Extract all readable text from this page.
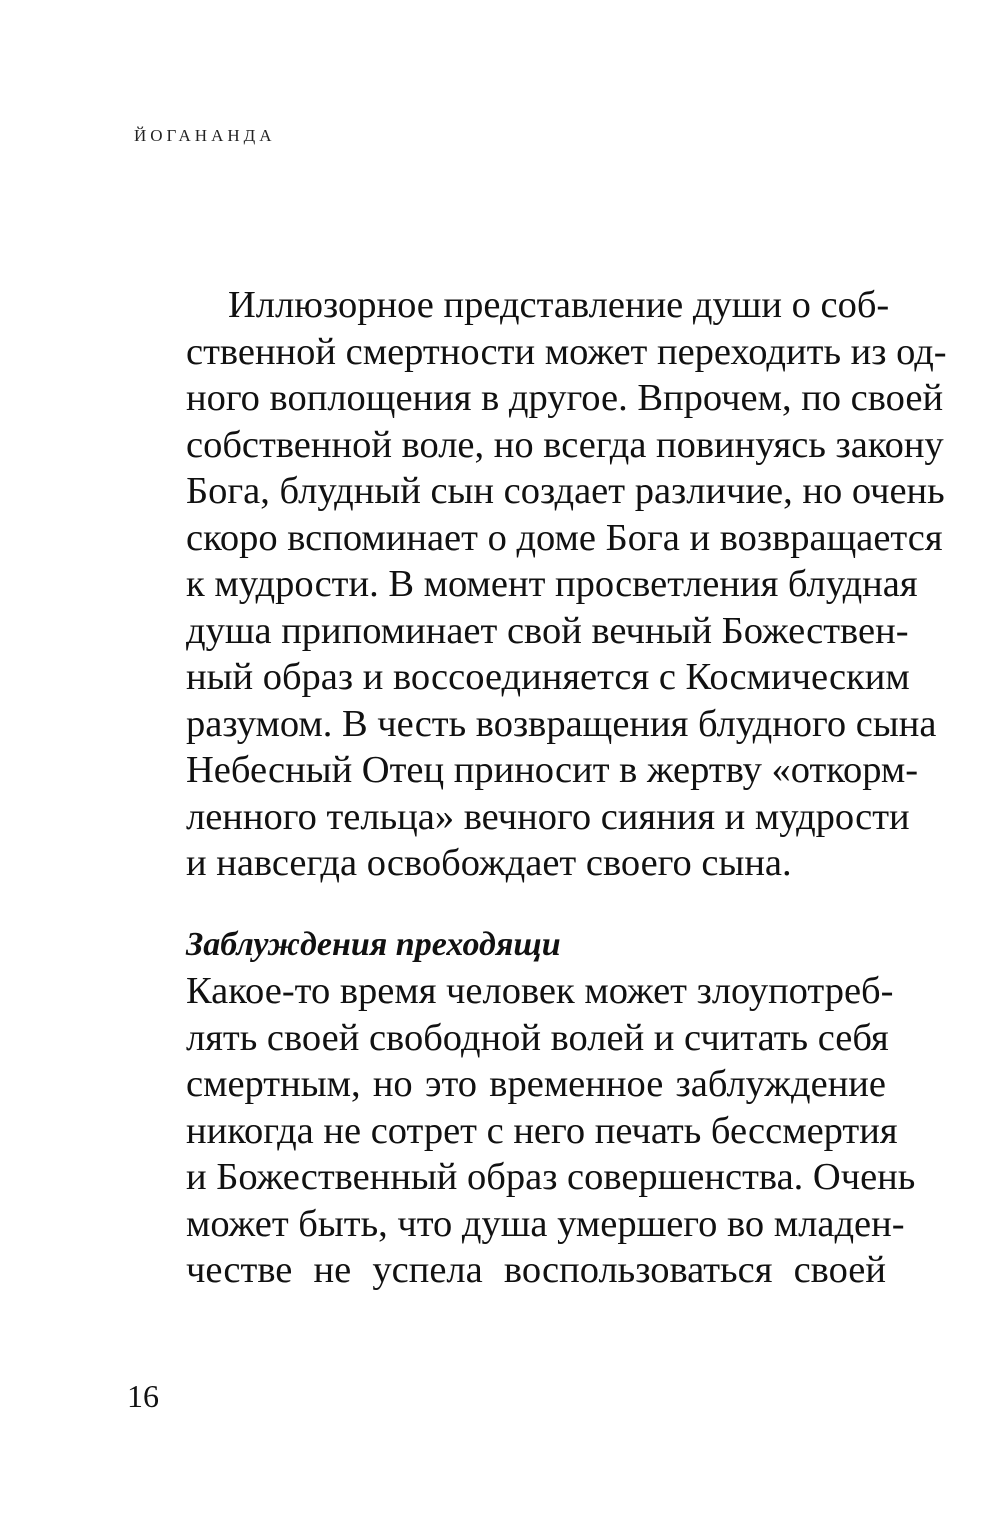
ЙОГАНАНДА
Иллюзорное представление души о соб-
ственной смертности может переходить из од-
ного воплощения в другое. Впрочем, по своей
собственной воле, но всегда повинуясь закону
Бога, блудный сын создает различие, но очень
скоро вспоминает о доме Бога и возвращается
к мудрости. В момент просветления блудная
душа припоминает свой вечный Божествен-
ный образ и воссоединяется с Космическим
разумом. В честь возвращения блудного сына
Небесный Отец приносит в жертву «откорм-
ленного тельца» вечного сияния и мудрости
и навсегда освобождает своего сына.
Заблуждения преходящи
Какое-то время человек может злоупотреб-
лять своей свободной волей и считать себя
смертным, но это временное заблуждение
никогда не сотрет с него печать бессмертия
и Божественный образ совершенства. Очень
может быть, что душа умершего во младен-
честве не успела воспользоваться своей
16
